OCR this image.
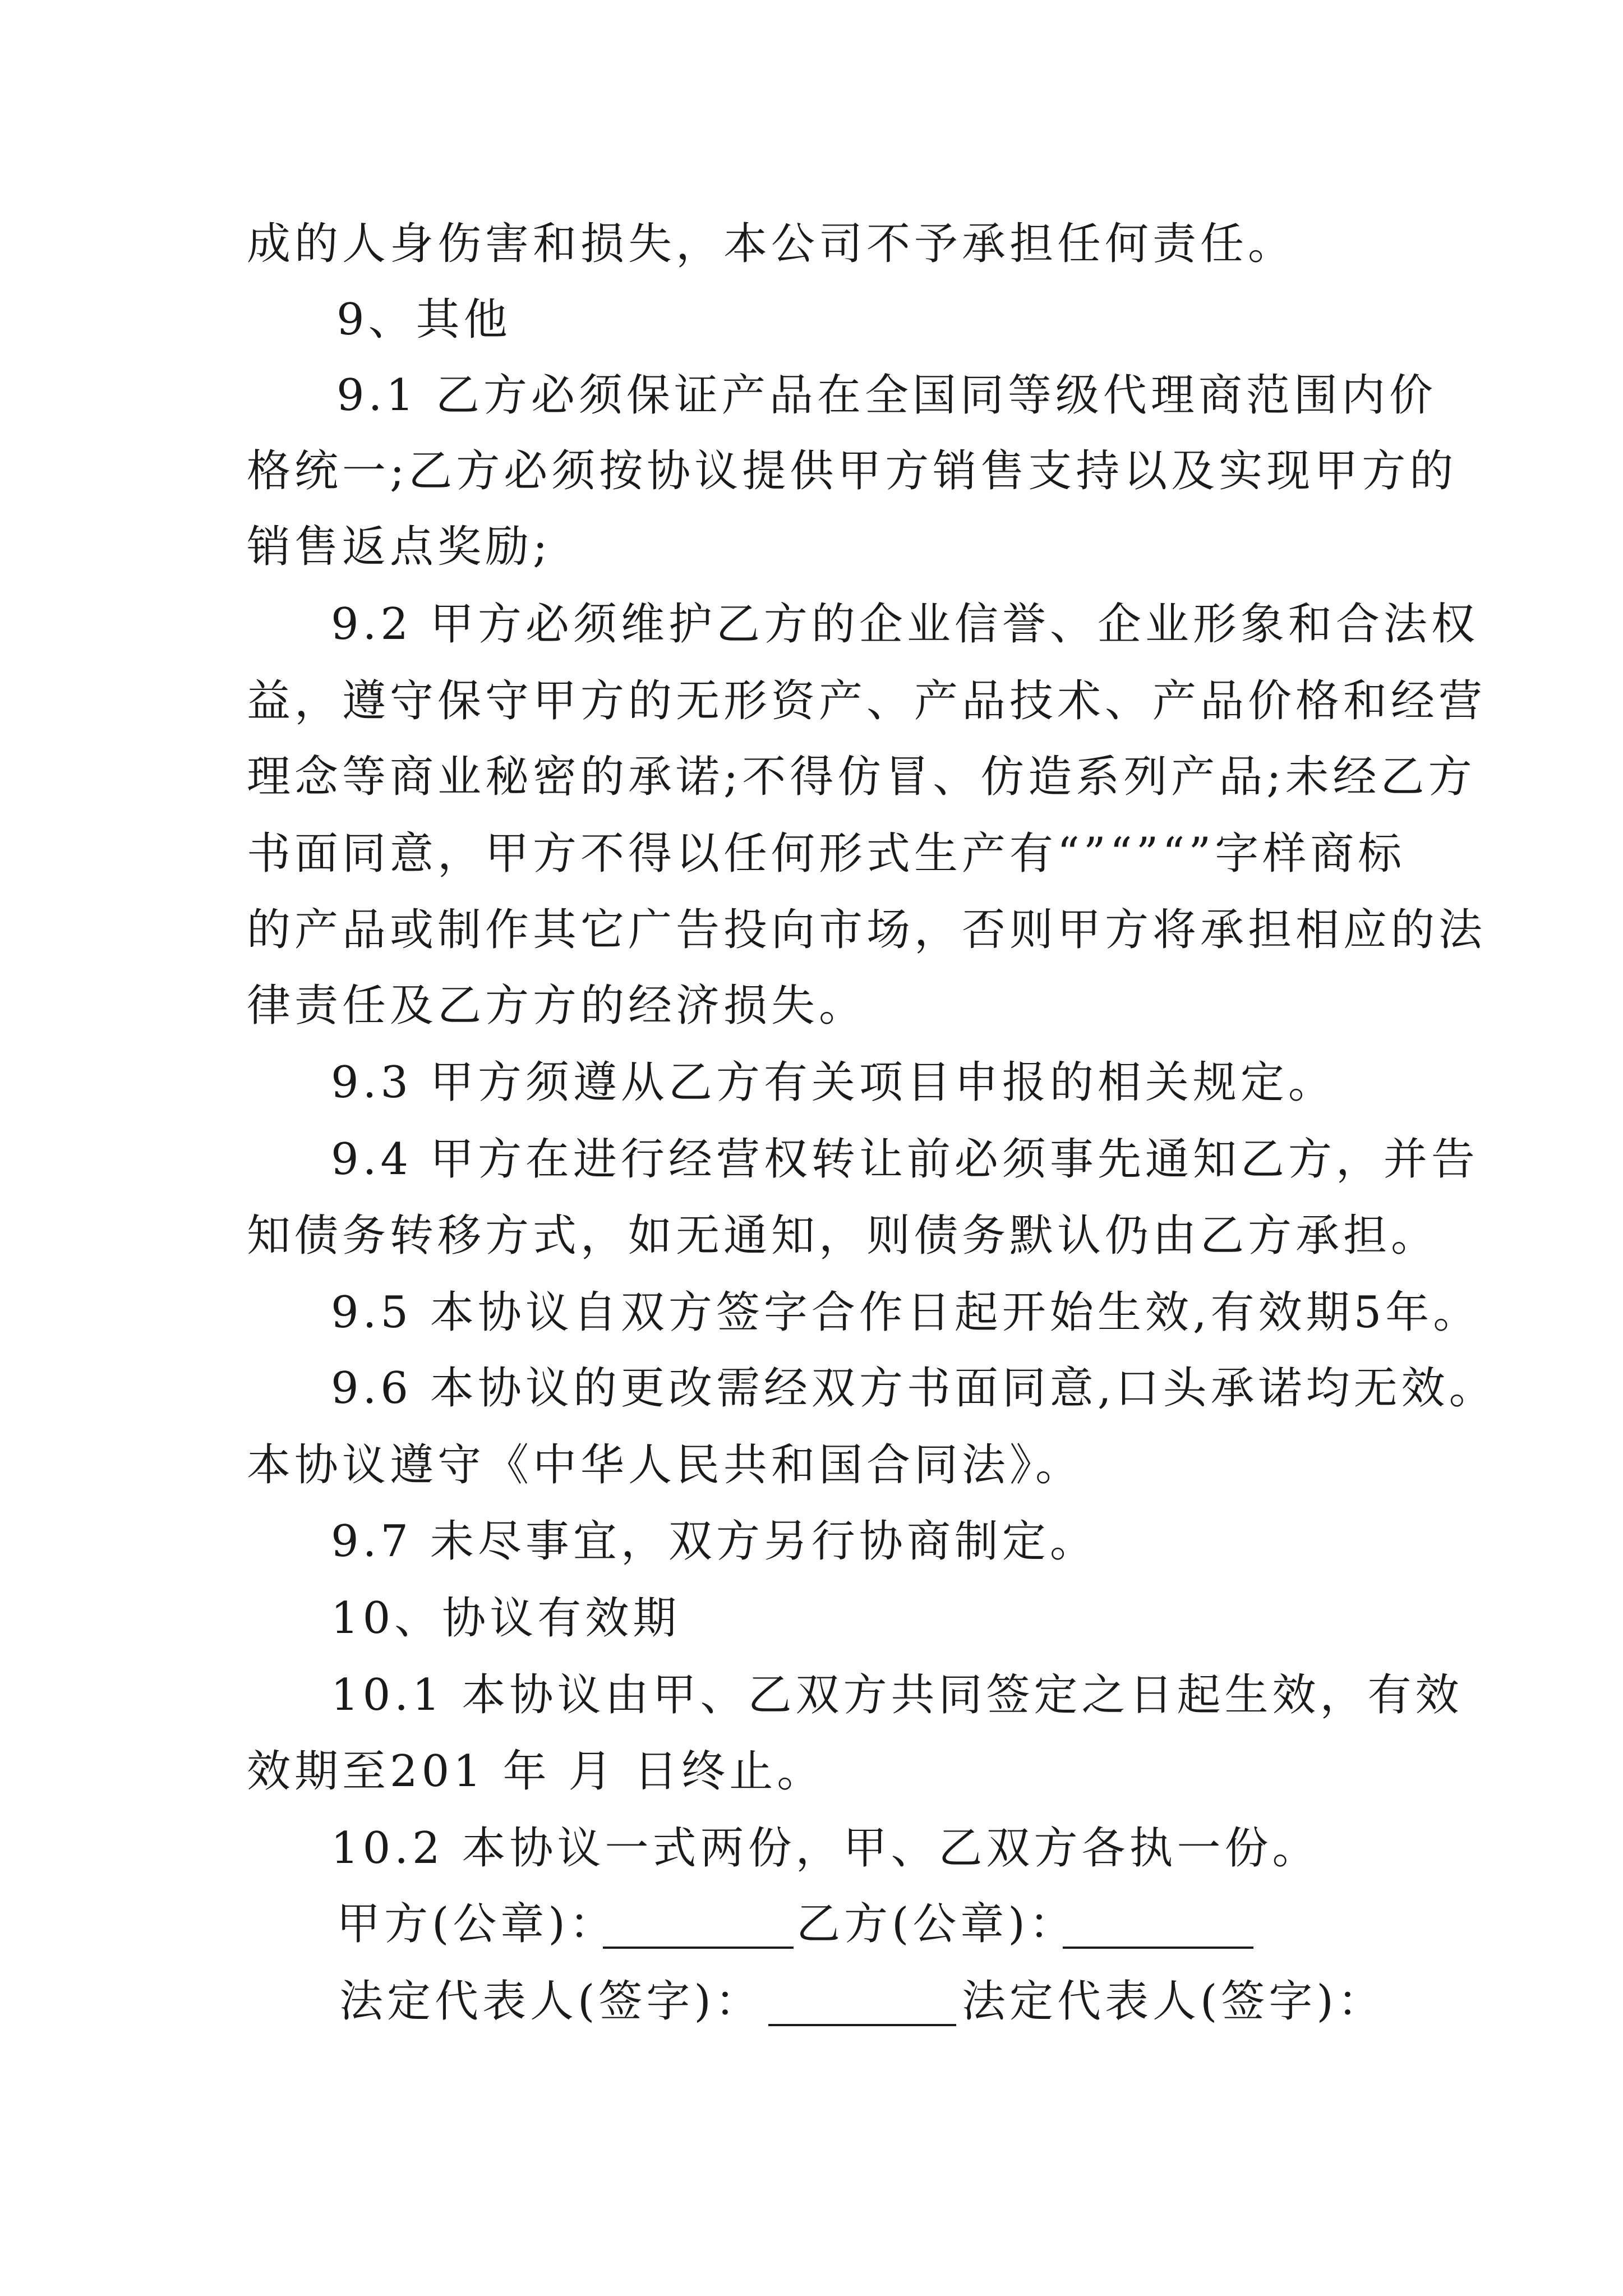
成的人身伤害和损失，本公司不予承担任何责任。
9、其他
9.1 乙方必须保证产品在全国同等级代理商范围内价
格统一;乙方必须按协议提供甲方销售支持以及实现甲方的
销售返点奖励;
9.2 甲方必须维护乙方的企业信誉、企业形象和合法权
益，遵守保守甲方的无形资产、产品技术、产品价格和经营
理念等商业秘密的承诺;不得仿冒、仿造系列产品;未经乙方
书面同意，甲方不得以任何形式生产有“”“”“”字样商标
的产品或制作其它广告投向市场，否则甲方将承担相应的法
律责任及乙方方的经济损失。
9.3 甲方须遵从乙方有关项目申报的相关规定。
9.4 甲方在进行经营权转让前必须事先通知乙方，并告
知债务转移方式，如无通知，则债务默认仍由乙方承担。
9.5 本协议自双方签字合作日起开始生效,有效期5年。
9.6 本协议的更改需经双方书面同意,口头承诺均无效。
本协议遵守《中华人民共和国合同法》。
9.7 未尽事宜，双方另行协商制定。
10、协议有效期
10.1 本协议由甲、乙双方共同签定之日起生效，有效
效期至201 年 月 日终止。
10.2 本协议一式两份，甲、乙双方各执一份。
甲方(公章)：	乙方(公章)：
法定代表人(签字)：	法定代表人(签字)：
